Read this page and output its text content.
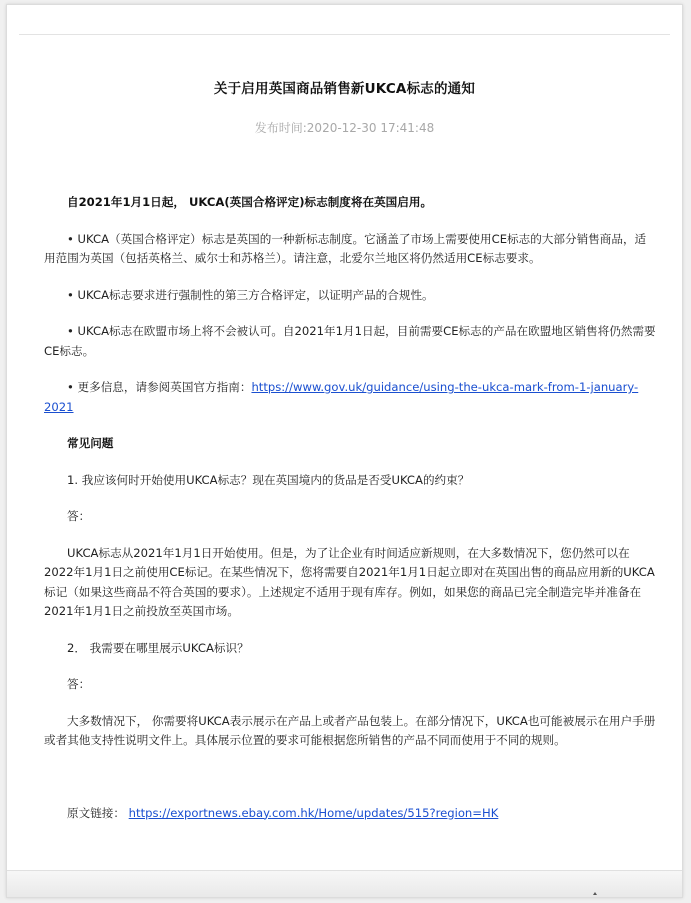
关于启用英国商品销售新UKCA标志的通知
发布时间:2020-12-30 17:41:48

自2021年1月1日起， UKCA(英国合格评定)标志制度将在英国启用。

• UKCA（英国合格评定）标志是英国的一种新标志制度。它涵盖了市场上需要使用CE标志的大部分销售商品，适用范围为英国（包括英格兰、威尔士和苏格兰）。请注意，北爱尔兰地区将仍然适用CE标志要求。

• UKCA标志要求进行强制性的第三方合格评定，以证明产品的合规性。

• UKCA标志在欧盟市场上将不会被认可。自2021年1月1日起，目前需要CE标志的产品在欧盟地区销售将仍然需要CE标志。

• 更多信息，请参阅英国官方指南：https://www.gov.uk/guidance/using-the-ukca-mark-from-1-january-2021

常见问题

1. 我应该何时开始使用UKCA标志？现在英国境内的货品是否受UKCA的约束？

答：

UKCA标志从2021年1月1日开始使用。但是，为了让企业有时间适应新规则，在大多数情况下，您仍然可以在2022年1月1日之前使用CE标记。在某些情况下，您将需要自2021年1月1日起立即对在英国出售的商品应用新的UKCA标记（如果这些商品不符合英国的要求）。上述规定不适用于现有库存。例如，如果您的商品已完全制造完毕并准备在2021年1月1日之前投放至英国市场。

2． 我需要在哪里展示UKCA标识？

答：

大多数情况下， 你需要将UKCA表示展示在产品上或者产品包装上。在部分情况下，UKCA也可能被展示在用户手册或者其他支持性说明文件上。具体展示位置的要求可能根据您所销售的产品不同而使用于不同的规则。

原文链接： https://exportnews.ebay.com.hk/Home/updates/515?region=HK
